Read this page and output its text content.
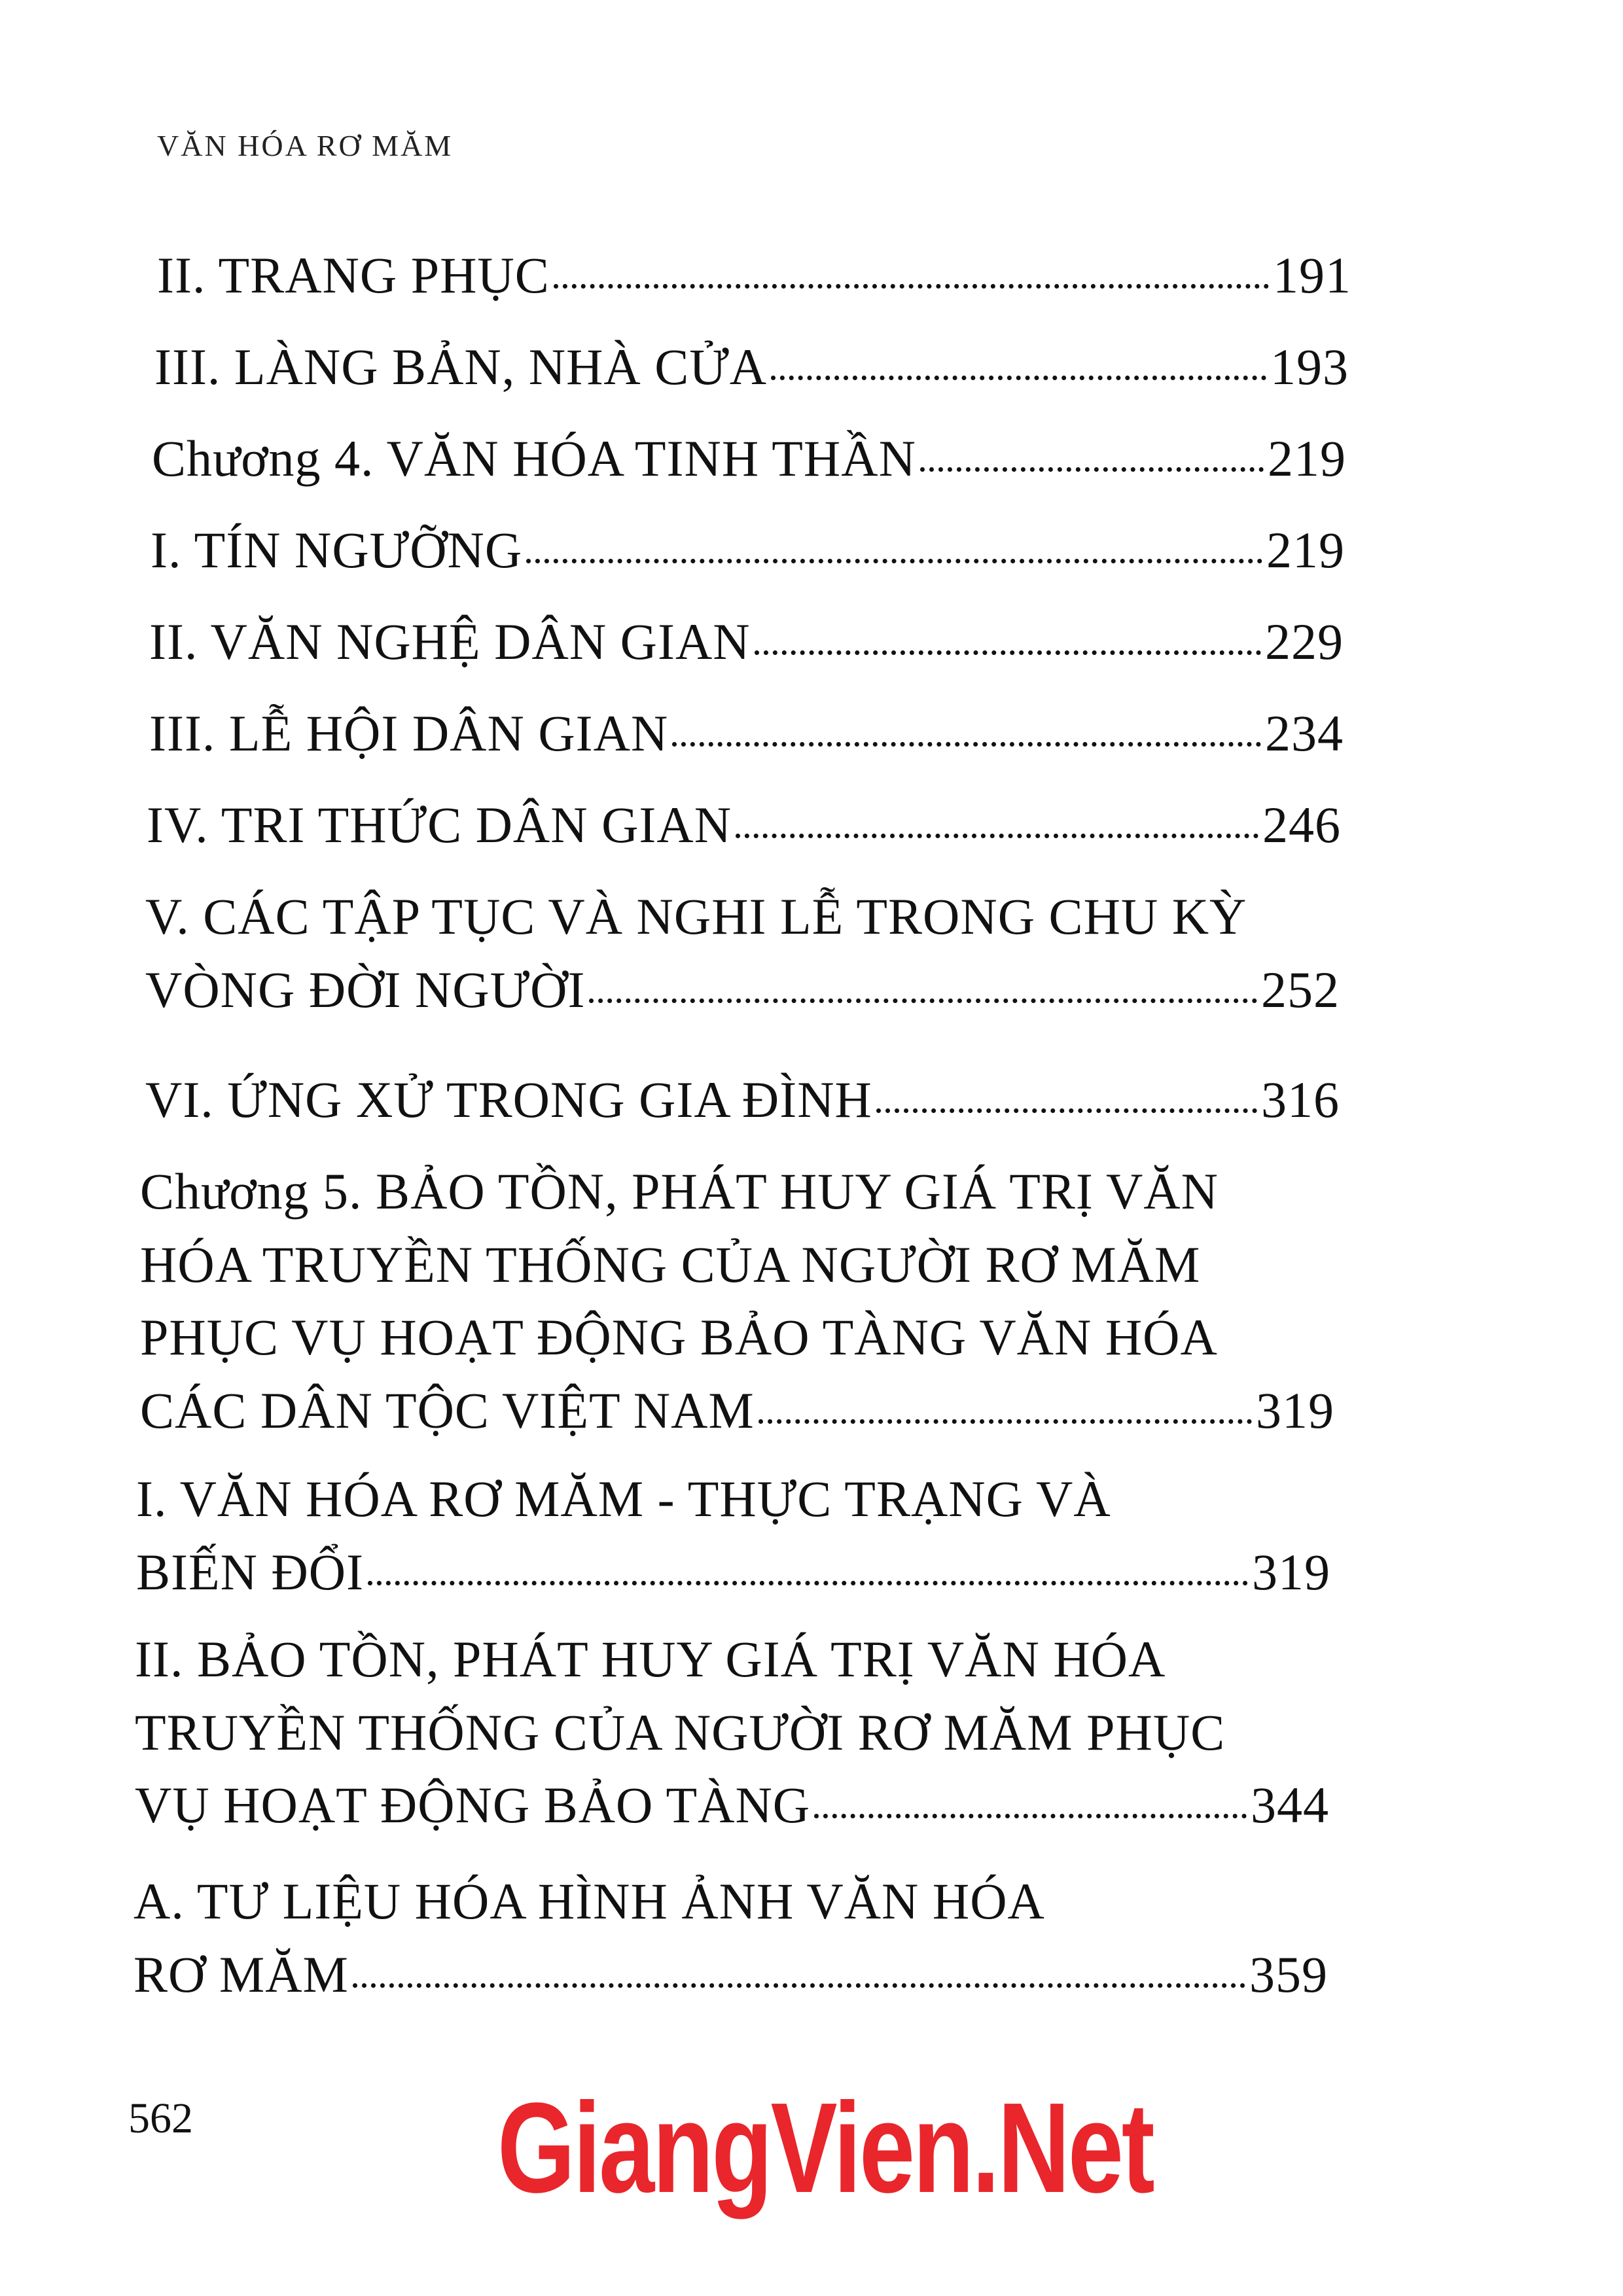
VĂN HÓA RƠ MĂM
II. TRANG PHỤC	191
III. LÀNG BẢN, NHÀ CỬA	193
Chương 4. VĂN HÓA TINH THẦN	219
I. TÍN NGƯỠNG	219
II. VĂN NGHỆ DÂN GIAN	229
III. LỄ HỘI DÂN GIAN	234
IV. TRI THỨC DÂN GIAN	246
V. CÁC TẬP TỤC VÀ NGHI LỄ TRONG CHU KỲ
VÒNG ĐỜI NGƯỜI	252
VI. ỨNG XỬ TRONG GIA ĐÌNH	316
Chương 5. BẢO TỒN, PHÁT HUY GIÁ TRỊ VĂN
HÓA TRUYỀN THỐNG CỦA NGƯỜI RƠ MĂM
PHỤC VỤ HOẠT ĐỘNG BẢO TÀNG VĂN HÓA
CÁC DÂN TỘC VIỆT NAM	319
I. VĂN HÓA RƠ MĂM - THỰC TRẠNG VÀ
BIẾN ĐỔI	319
II. BẢO TỒN, PHÁT HUY GIÁ TRỊ VĂN HÓA
TRUYỀN THỐNG CỦA NGƯỜI RƠ MĂM PHỤC
VỤ HOẠT ĐỘNG BẢO TÀNG	344
A. TƯ LIỆU HÓA HÌNH ẢNH VĂN HÓA
RƠ MĂM	359
562 GiangVien.Net
